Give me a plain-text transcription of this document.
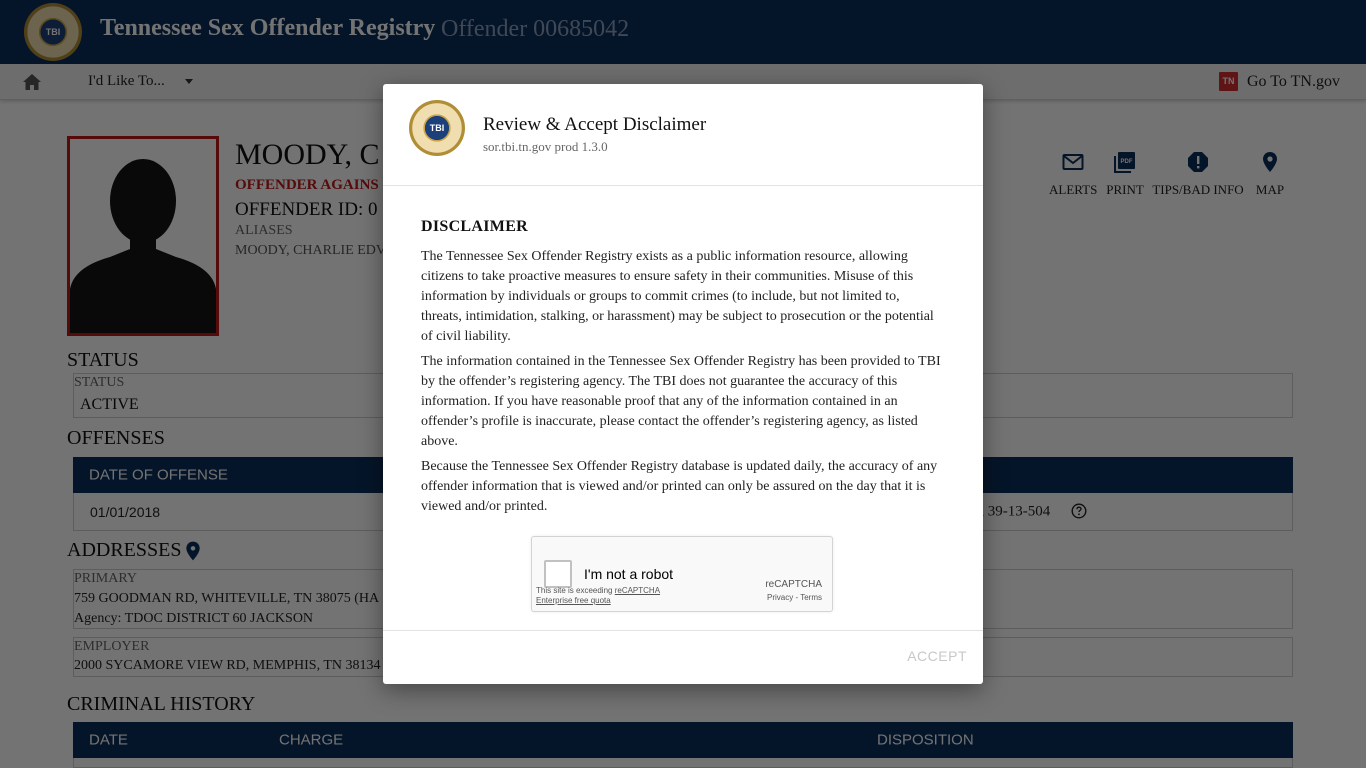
TBI	Review & Accept Disclaimer
sor.tbi.tn.gov prod 1.3.0
DISCLAIMER

The Tennessee Sex Offender Registry exists as a public information resource, allowing citizens to take proactive measures to ensure safety in their communities. Misuse of this information by individuals or groups to commit crimes (to include, but not limited to, threats, intimidation, stalking, or harassment) may be subject to prosecution or the potential of civil liability.

The information contained in the Tennessee Sex Offender Registry has been provided to TBI by the offender’s registering agency. The TBI does not guarantee the accuracy of this information. If you have reasonable proof that any of the information contained in an offender’s profile is inaccurate, please contact the offender’s registering agency, as listed above.

Because the Tennessee Sex Offender Registry database is updated daily, the accuracy of any offender information that is viewed and/or printed can only be assured on the day that it is viewed and/or printed.

I'm not a robot
This site is exceeding reCAPTCHA Enterprise free quota
reCAPTCHA
Privacy - Terms
ACCEPT
